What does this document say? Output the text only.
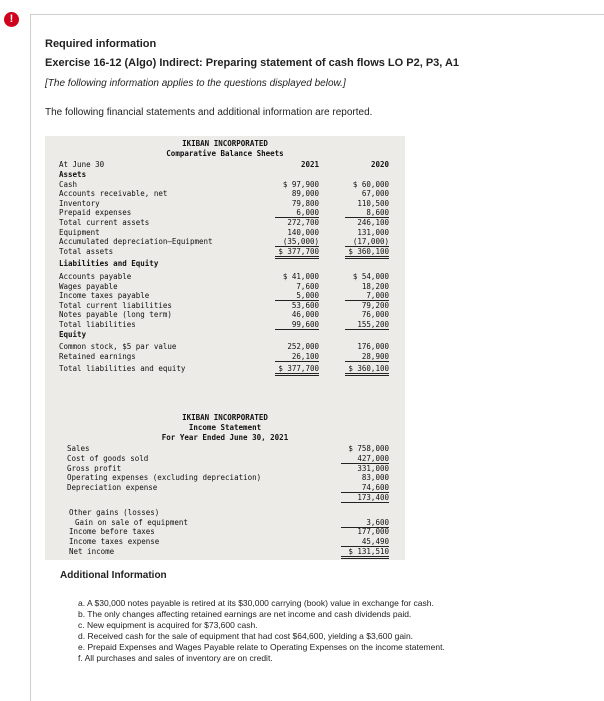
!
Required information
Exercise 16-12 (Algo) Indirect: Preparing statement of cash flows LO P2, P3, A1
[The following information applies to the questions displayed below.]
The following financial statements and additional information are reported.
IKIBAN INCORPORATED
Comparative Balance Sheets
At June 30	2021	2020
Assets
Cash	$ 97,900	$ 60,000
Accounts receivable, net	89,000	67,000
Inventory	79,800	110,500
Prepaid expenses	6,000	8,600
Total current assets	272,700	246,100
Equipment	140,000	131,000
Accumulated depreciation—Equipment	(35,000)	(17,000)
Total assets	$ 377,700	$ 360,100
Liabilities and Equity
Accounts payable	$ 41,000	$ 54,000
Wages payable	7,600	18,200
Income taxes payable	5,000	7,000
Total current liabilities	53,600	79,200
Notes payable (long term)	46,000	76,000
Total liabilities	99,600	155,200
Equity
Common stock, $5 par value	252,000	176,000
Retained earnings	26,100	28,900
Total liabilities and equity	$ 377,700	$ 360,100
IKIBAN INCORPORATED
Income Statement
For Year Ended June 30, 2021
Sales	$ 758,000
Cost of goods sold	427,000
Gross profit	331,000
Operating expenses (excluding depreciation)	83,000
Depreciation expense	74,600
173,400
Other gains (losses)
Gain on sale of equipment	3,600
Income before taxes	177,000
Income taxes expense	45,490
Net income	$ 131,510
Additional Information
a. A $30,000 notes payable is retired at its $30,000 carrying (book) value in exchange for cash.
b. The only changes affecting retained earnings are net income and cash dividends paid.
c. New equipment is acquired for $73,600 cash.
d. Received cash for the sale of equipment that had cost $64,600, yielding a $3,600 gain.
e. Prepaid Expenses and Wages Payable relate to Operating Expenses on the income statement.
f. All purchases and sales of inventory are on credit.
